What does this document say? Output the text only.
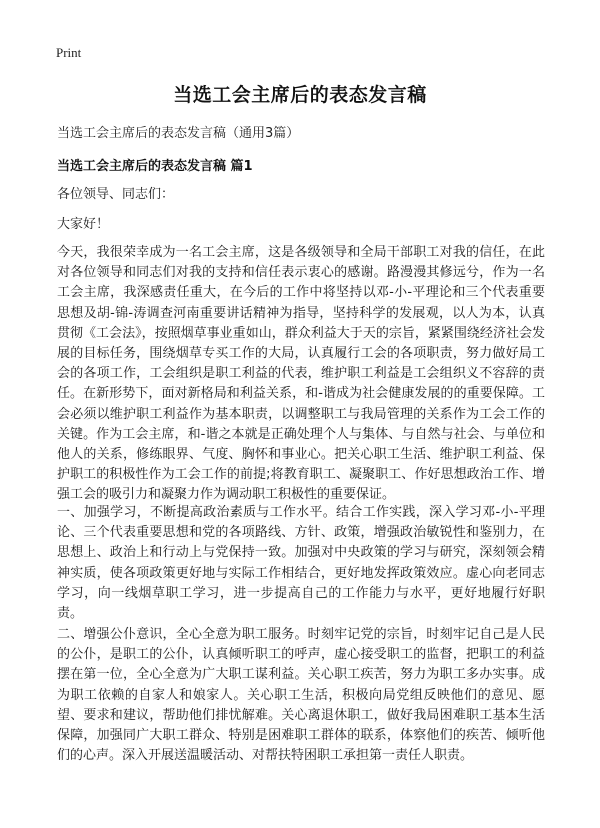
Print
当选工会主席后的表态发言稿

当选工会主席后的表态发言稿（通用3篇）

当选工会主席后的表态发言稿 篇1

各位领导、同志们：

大家好！

今天，我很荣幸成为一名工会主席，这是各级领导和全局干部职工对我的信任，在此对各位领导和同志们对我的支持和信任表示衷心的感谢。路漫漫其修远兮，作为一名工会主席，我深感责任重大，在今后的工作中将坚持以邓-小-平理论和三个代表重要思想及胡-锦-涛调查河南重要讲话精神为指导，坚持科学的发展观，以人为本，认真贯彻《工会法》，按照烟草事业重如山，群众利益大于天的宗旨，紧紧围绕经济社会发展的目标任务，围绕烟草专买工作的大局，认真履行工会的各项职责，努力做好局工会的各项工作，工会组织是职工利益的代表，维护职工利益是工会组织义不容辞的责任。在新形势下，面对新格局和利益关系，和-谐成为社会健康发展的的重要保障。工会必须以维护职工利益作为基本职责，以调整职工与我局管理的关系作为工会工作的关键。作为工会主席，和-谐之本就是正确处理个人与集体、与自然与社会、与单位和他人的关系，修练眼界、气度、胸怀和事业心。把关心职工生活、维护职工利益、保护职工的积极性作为工会工作的前提;将教育职工、凝聚职工、作好思想政治工作、增强工会的吸引力和凝聚力作为调动职工积极性的重要保证。

一、加强学习，不断提高政治素质与工作水平。结合工作实践，深入学习邓-小-平理论、三个代表重要思想和党的各项路线、方针、政策，增强政治敏锐性和鉴别力，在思想上、政治上和行动上与党保持一致。加强对中央政策的学习与研究，深刻领会精神实质，使各项政策更好地与实际工作相结合，更好地发挥政策效应。虚心向老同志学习，向一线烟草职工学习，进一步提高自己的工作能力与水平，更好地履行好职责。

二、增强公仆意识，全心全意为职工服务。时刻牢记党的宗旨，时刻牢记自己是人民的公仆，是职工的公仆，认真倾听职工的呼声，虚心接受职工的监督，把职工的利益摆在第一位，全心全意为广大职工谋利益。关心职工疾苦，努力为职工多办实事。成为职工依赖的自家人和娘家人。关心职工生活，积极向局党组反映他们的意见、愿望、要求和建议，帮助他们排忧解难。关心离退休职工，做好我局困难职工基本生活保障，加强同广大职工群众、特别是困难职工群体的联系，体察他们的疾苦、倾听他们的心声。深入开展送温暖活动、对帮扶特困职工承担第一责任人职责。
